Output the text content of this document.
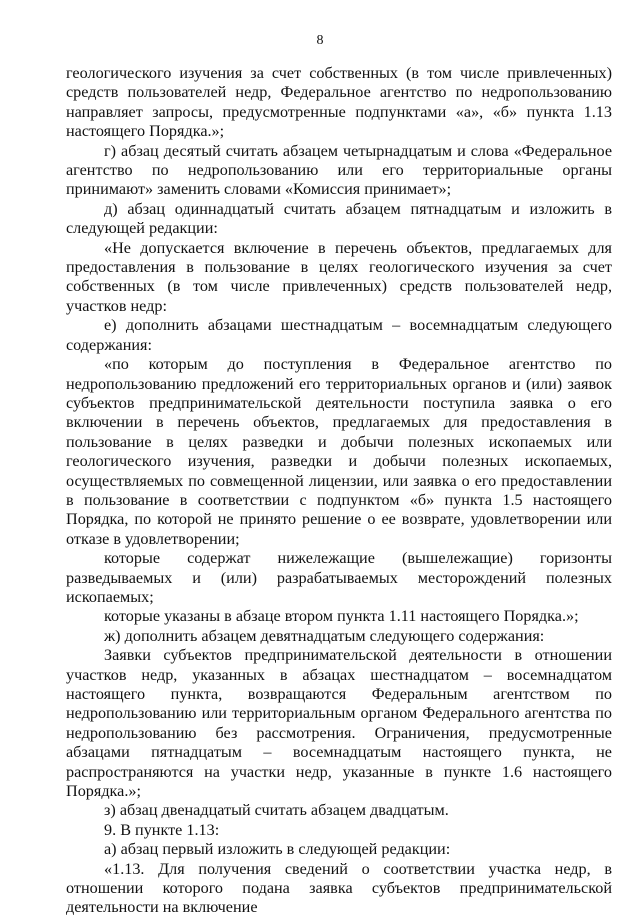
8

геологического изучения за счет собственных (в том числе привлеченных) средств пользователей недр, Федеральное агентство по недропользованию направляет запросы, предусмотренные подпунктами «а», «б» пункта 1.13 настоящего Порядка.»;

г) абзац десятый считать абзацем четырнадцатым и слова «Федеральное агентство по недропользованию или его территориальные органы принимают» заменить словами «Комиссия принимает»;

д) абзац одиннадцатый считать абзацем пятнадцатым и изложить в следующей редакции:

«Не допускается включение в перечень объектов, предлагаемых для предоставления в пользование в целях геологического изучения за счет собственных (в том числе привлеченных) средств пользователей недр, участков недр:

е) дополнить абзацами шестнадцатым – восемнадцатым следующего содержания:

«по которым до поступления в Федеральное агентство по недропользованию предложений его территориальных органов и (или) заявок субъектов предпринимательской деятельности поступила заявка о его включении в перечень объектов, предлагаемых для предоставления в пользование в целях разведки и добычи полезных ископаемых или геологического изучения, разведки и добычи полезных ископаемых, осуществляемых по совмещенной лицензии, или заявка о его предоставлении в пользование в соответствии с подпунктом «б» пункта 1.5 настоящего Порядка, по которой не принято решение о ее возврате, удовлетворении или отказе в удовлетворении;

которые содержат нижележащие (вышележащие) горизонты разведываемых и (или) разрабатываемых месторождений полезных ископаемых;

которые указаны в абзаце втором пункта 1.11 настоящего Порядка.»;

ж) дополнить абзацем девятнадцатым следующего содержания:

Заявки субъектов предпринимательской деятельности в отношении участков недр, указанных в абзацах шестнадцатом – восемнадцатом настоящего пункта, возвращаются Федеральным агентством по недропользованию или территориальным органом Федерального агентства по недропользованию без рассмотрения. Ограничения, предусмотренные абзацами пятнадцатым – восемнадцатым настоящего пункта, не распространяются на участки недр, указанные в пункте 1.6 настоящего Порядка.»;

з) абзац двенадцатый считать абзацем двадцатым.

9. В пункте 1.13:

а) абзац первый изложить в следующей редакции:

«1.13. Для получения сведений о соответствии участка недр, в отношении которого подана заявка субъектов предпринимательской деятельности на включение
